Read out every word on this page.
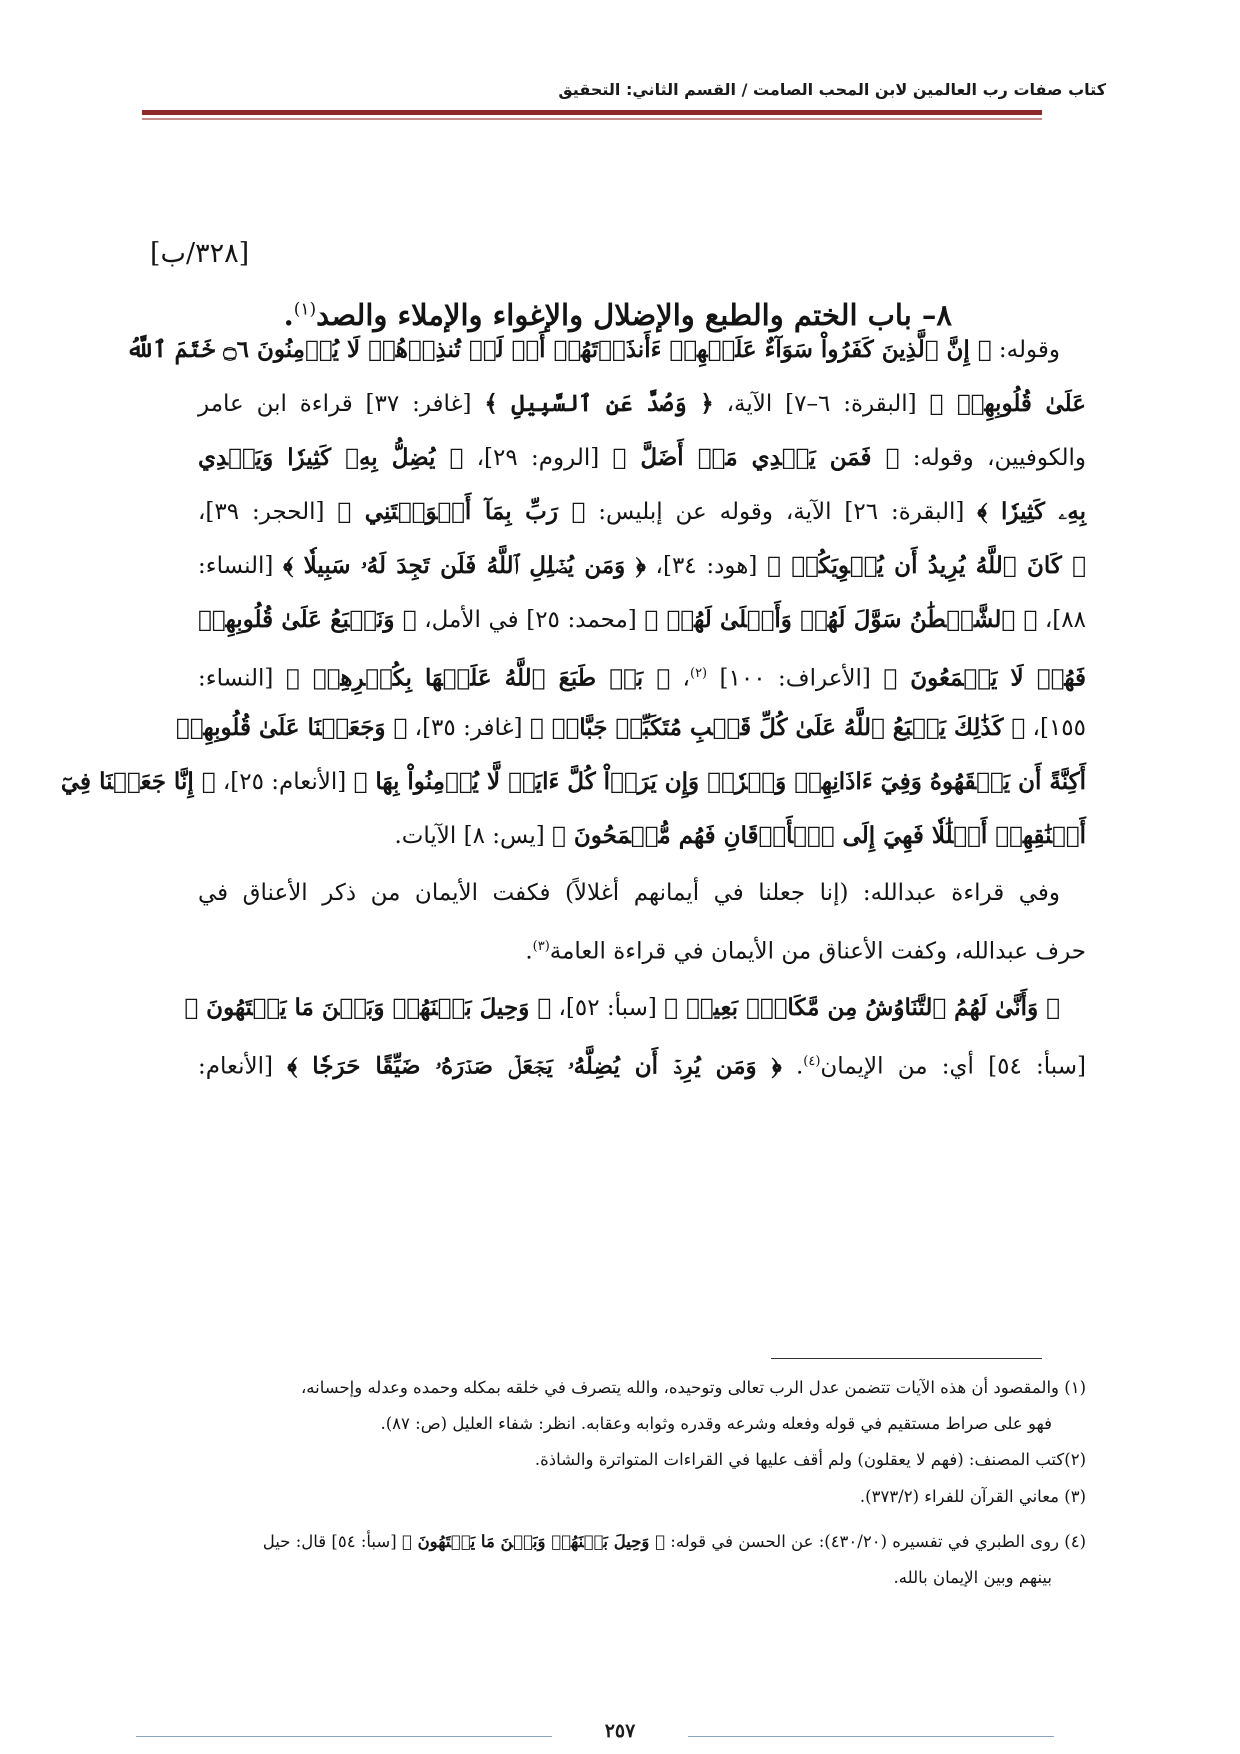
كتاب صفات رب العالمين لابن المحب الصامت / القسم الثاني: التحقيق
[٣٢٨/ب]
٨– باب الختم والطبع والإضلال والإغواء والإملاء والصد$^{(١)}$.
وقوله: ﴿ إِنَّ ٱلَّذِينَ كَفَرُواْ سَوَآءٌ عَلَيۡهِمۡ ءَأَنذَرۡتَهُمۡ أَمۡ لَمۡ تُنذِرۡهُمۡ لَا يُؤۡمِنُونَ ۝٦ خَتَمَ ٱللَّهُ
عَلَىٰ قُلُوبِهِمۡ ﴾ [البقرة: ٦–٧] الآية، ﴿ وَصُدَّ عَنِ ٱلسَّبِيلِ ﴾ [غافر: ٣٧] قراءة ابن عامر
والكوفيين، وقوله: ﴿ فَمَن يَهۡدِي مَنۡ أَضَلَّ ﴾ [الروم: ٢٩]، ﴿ يُضِلُّ بِهِۦ كَثِيرٗا وَيَهۡدِي
بِهِۦ كَثِيرٗا ﴾ [البقرة: ٢٦] الآية، وقوله عن إبليس: ﴿ رَبِّ بِمَآ أَغۡوَيۡتَنِي ﴾ [الحجر: ٣٩]،
﴿ كَانَ ٱللَّهُ يُرِيدُ أَن يُغۡوِيَكُمۡ ﴾ [هود: ٣٤]، ﴿ وَمَن يُضۡلِلِ ٱللَّهُ فَلَن تَجِدَ لَهُۥ سَبِيلٗا ﴾ [النساء:
٨٨]، ﴿ ٱلشَّيۡطَٰنُ سَوَّلَ لَهُمۡ وَأَمۡلَىٰ لَهُمۡ ﴾ [محمد: ٢٥] في الأمل، ﴿ وَنَطۡبَعُ عَلَىٰ قُلُوبِهِمۡ
فَهُمۡ لَا يَسۡمَعُونَ ﴾ [الأعراف: ١٠٠] $^{(٢)}$، ﴿ بَلۡ طَبَعَ ٱللَّهُ عَلَيۡهَا بِكُفۡرِهِمۡ ﴾ [النساء:
١٥٥]، ﴿ كَذَٰلِكَ يَطۡبَعُ ٱللَّهُ عَلَىٰ كُلِّ قَلۡبِ مُتَكَبِّرٖ جَبَّارٖ ﴾ [غافر: ٣٥]، ﴿ وَجَعَلۡنَا عَلَىٰ قُلُوبِهِمۡ
أَكِنَّةً أَن يَفۡقَهُوهُ وَفِيٓ ءَاذَانِهِمۡ وَقۡرٗاۚ وَإِن يَرَوۡاْ كُلَّ ءَايَةٖ لَّا يُؤۡمِنُواْ بِهَا ﴾ [الأنعام: ٢٥]، ﴿ إِنَّا جَعَلۡنَا فِيٓ
أَعۡنَٰقِهِمۡ أَغۡلَٰلٗا فَهِيَ إِلَى ٱلۡأَذۡقَانِ فَهُم مُّقۡمَحُونَ ﴾ [يس: ٨] الآيات.
وفي قراءة عبدالله: (إنا جعلنا في أيمانهم أغلالاً) فكفت الأيمان من ذكر الأعناق في
حرف عبدالله، وكفت الأعناق من الأيمان في قراءة العامة$^{(٣)}$.
﴿ وَأَنَّىٰ لَهُمُ ٱلتَّنَاوُشُ مِن مَّكَانِۭ بَعِيدٖ ﴾ [سبأ: ٥٢]، ﴿ وَحِيلَ بَيۡنَهُمۡ وَبَيۡنَ مَا يَشۡتَهُونَ ﴾
[سبأ: ٥٤] أي: من الإيمان$^{(٤)}$. ﴿ وَمَن يُرِدۡ أَن يُضِلَّهُۥ يَجۡعَلۡ صَدۡرَهُۥ ضَيِّقًا حَرَجٗا ﴾ [الأنعام:
(١) والمقصود أن هذه الآيات تتضمن عدل الرب تعالى وتوحيده، والله يتصرف في خلقه بمكله وحمده وعدله وإحسانه،
فهو على صراط مستقيم في قوله وفعله وشرعه وقدره وثوابه وعقابه. انظر: شفاء العليل (ص: ٨٧).
(٢)كتب المصنف: (فهم لا يعقلون) ولم أقف عليها في القراءات المتواترة والشاذة.
(٣) معاني القرآن للفراء (٣٧٣/٢).
(٤) روى الطبري في تفسيره (٤٣٠/٢٠): عن الحسن في قوله: ﴿ وَحِيلَ بَيۡنَهُمۡ وَبَيۡنَ مَا يَشۡتَهُونَ ﴾ [سبأ: ٥٤] قال: حيل
بينهم وبين الإيمان بالله.
٢٥٧
